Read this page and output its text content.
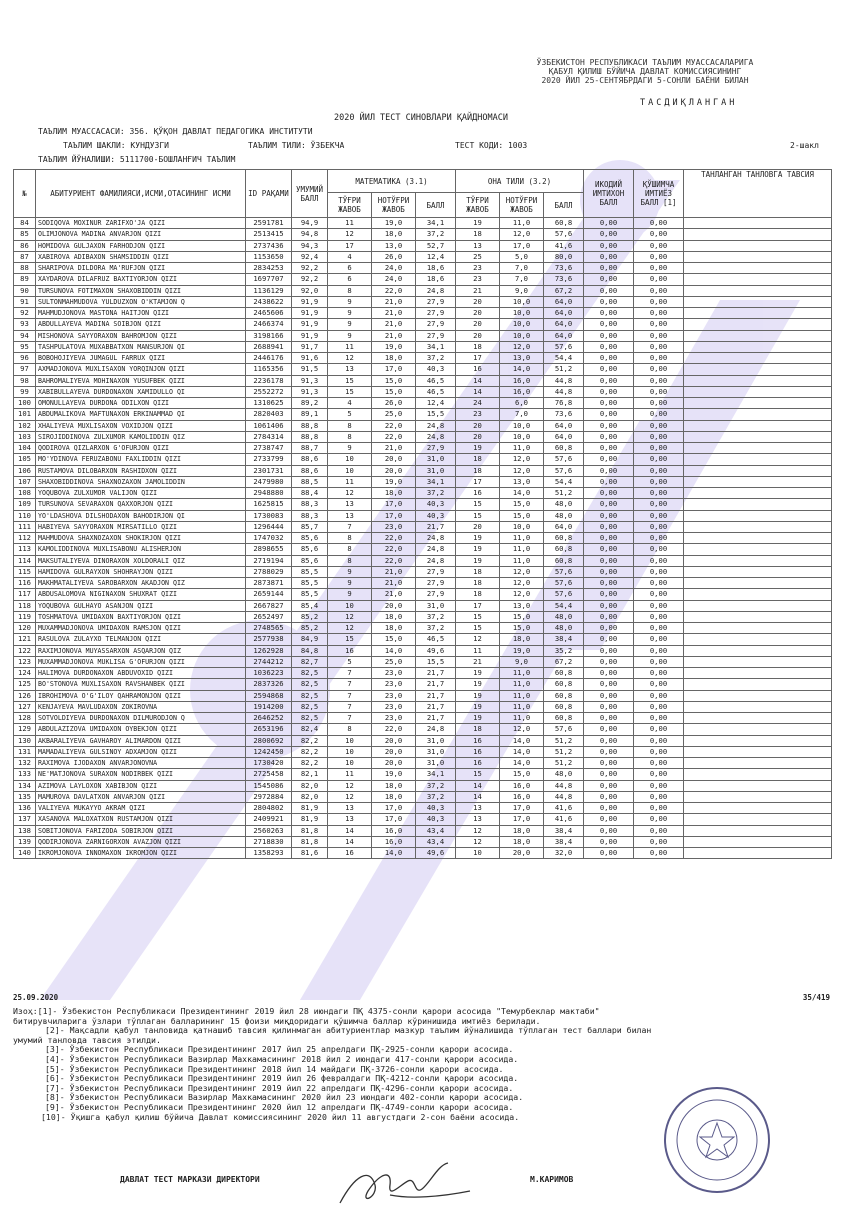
ЎЗБЕКИСТОН РЕСПУБЛИКАСИ ТАЪЛИМ МУАССАСАЛАРИГА
ҚАБУЛ ҚИЛИШ БЎЙИЧА ДАВЛАТ КОМИССИЯСИНИНГ
2020 ЙИЛ 25-СЕНТЯБРДАГИ 5-СОНЛИ БАЁНИ БИЛАН
ТАСДИҚЛАНГАН
2020 ЙИЛ ТЕСТ СИНОВЛАРИ ҚАЙДНОМАСИ
ТАЪЛИМ МУАССАСАСИ: 356. ҚЎҚОН ДАВЛАТ ПЕДАГОГИКА ИНСТИТУТИ
ТАЪЛИМ ШАКЛИ: КУНДУЗГИ	ТАЪЛИМ ТИЛИ: ЎЗБЕКЧА	ТЕСТ КОДИ: 1003	2-шакл
ТАЪЛИМ ЙЎНАЛИШИ: 5111700-БОШЛАНҒИЧ ТАЪЛИМ
№	АБИТУРИЕНТ ФАМИЛИЯСИ,ИСМИ,ОТАСИНИНГ ИСМИ	ID РАҚАМИ	УМУМИЙ БАЛЛ	МАТЕМАТИКА (3.1)			ОНА ТИЛИ (3.2)			ИКОДИЙ ИМТИХОН БАЛЛ	ҚЎШИМЧА ИМТИЁЗ БАЛЛ [1]	ТАНЛАНГАН ТАНЛОВГА ТАВСИЯ
				ТЎҒРИ ЖАВОБ	НОТЎҒРИ ЖАВОБ	БАЛЛ	ТЎҒРИ ЖАВОБ	НОТЎҒРИ ЖАВОБ	БАЛЛ			
84	SODIQOVA MOXINUR ZARIFXO'JA QIZI	2591781	94,9	11	19,0	34,1	19	11,0	60,8	0,00	0,00	
85	OLIMJONOVA MADINA ANVARJON QIZI	2513415	94,8	12	18,0	37,2	18	12,0	57,6	0,00	0,00	
86	HOMIDOVA GULJAXON FARHODJON QIZI	2737436	94,3	17	13,0	52,7	13	17,0	41,6	0,00	0,00	
87	XABIROVA ADIBAXON SHAMSIDDIN QIZI	1153650	92,4	4	26,0	12,4	25	5,0	80,0	0,00	0,00	
88	SHARIPOVA DILDORA MA'RUFJON QIZI	2834253	92,2	6	24,0	18,6	23	7,0	73,6	0,00	0,00	
89	XAYDAROVA DILAFRUZ BAXTIYORJON QIZI	1697707	92,2	6	24,0	18,6	23	7,0	73,6	0,00	0,00	
90	TURSUNOVA FOTIMAXON SHAXOBIDDIN QIZI	1136129	92,0	8	22,0	24,8	21	9,0	67,2	0,00	0,00	
91	SULTONMAHMUDOVA YULDUZXON O'KTAMJON Q	2438622	91,9	9	21,0	27,9	20	10,0	64,0	0,00	0,00	
92	MAHMUDJONOVA MASTONA HAITJON QIZI	2465606	91,9	9	21,0	27,9	20	10,0	64,0	0,00	0,00	
93	ABDULLAYEVA MADINA SOIBJON QIZI	2466374	91,9	9	21,0	27,9	20	10,0	64,0	0,00	0,00	
94	MISHONOVA SAYYORAXON BAHROMJON QIZI	3198166	91,9	9	21,0	27,9	20	10,0	64,0	0,00	0,00	
95	TASHPULATOVA MUXABBATXON MANSURJON QI	2688941	91,7	11	19,0	34,1	18	12,0	57,6	0,00	0,00	
96	BOBOHOJIYEVA JUMAGUL FARRUX QIZI	2446176	91,6	12	18,0	37,2	17	13,0	54,4	0,00	0,00	
97	AXMADJONOVA MUXLISAXON YORQINJON QIZI	1165356	91,5	13	17,0	40,3	16	14,0	51,2	0,00	0,00	
98	BAHROMALIYEVA MOHINAXON YUSUFBEK QIZI	2236178	91,3	15	15,0	46,5	14	16,0	44,8	0,00	0,00	
99	XABIBULLAYEVA DURDONAXON XAMIDULLO QI	2552272	91,3	15	15,0	46,5	14	16,0	44,8	0,00	0,00	
100	OMONULLAYEVA DURDONA ODILXON QIZI	1310625	89,2	4	26,0	12,4	24	6,0	76,8	0,00	0,00	
101	ABDUMALIKOVA MAFTUNAXON ERKINAMMAD QI	2820403	89,1	5	25,0	15,5	23	7,0	73,6	0,00	0,00	
102	XHALIYEVA MUXLISAXON VOXIDJON QIZI	1061406	88,8	8	22,0	24,8	20	10,0	64,0	0,00	0,00	
103	SIROJIDDINOVA ZULXUMOR KAMOLIDDIN QIZ	2784314	88,8	8	22,0	24,8	20	10,0	64,0	0,00	0,00	
104	QODIROVA QIZLARXON G'OFURJON QIZI	2738747	88,7	9	21,0	27,9	19	11,0	60,8	0,00	0,00	
105	MO'YDINOVA FERUZABONU FAXLIDDIN QIZI	2733799	88,6	10	20,0	31,0	18	12,0	57,6	0,00	0,00	
106	RUSTAMOVA DILOBARXON RASHIDXON QIZI	2301731	88,6	10	20,0	31,0	18	12,0	57,6	0,00	0,00	
107	SHAXOBIDDINOVA SHAXNOZAXON JAMOLIDDIN	2479980	88,5	11	19,0	34,1	17	13,0	54,4	0,00	0,00	
108	YOQUBOVA ZULXUMOR VALIJON QIZI	2948880	88,4	12	18,0	37,2	16	14,0	51,2	0,00	0,00	
109	TURSUNOVA SEVARAXON QAXXORJON QIZI	1625815	88,3	13	17,0	40,3	15	15,0	48,0	0,00	0,00	
110	YO'LDASHOVA DILSHODAXON BAHODIRJON QI	1730083	88,3	13	17,0	40,3	15	15,0	48,0	0,00	0,00	
111	HABIYEVA SAYYORAXON MIRSATILLO QIZI	1296444	85,7	7	23,0	21,7	20	10,0	64,0	0,00	0,00	
112	MAHMUDOVA SHAXNOZAXON SHOKIRJON QIZI	1747032	85,6	8	22,0	24,8	19	11,0	60,8	0,00	0,00	
113	KAMOLIDDINOVA MUXLISABONU ALISHERJON	2898655	85,6	8	22,0	24,8	19	11,0	60,8	0,00	0,00	
114	MAKSUTALIYEVA DINORAXON XOLDORALI QIZ	2719194	85,6	8	22,0	24,8	19	11,0	60,8	0,00	0,00	
115	HAMIDOVA GULRAYXON SHOHRAYJON QIZI	2788029	85,5	9	21,0	27,9	18	12,0	57,6	0,00	0,00	
116	MAKHMATALIYEVA SAROBARXON AKADJON QIZ	2873871	85,5	9	21,0	27,9	18	12,0	57,6	0,00	0,00	
117	ABDUSALOMOVA NIGINAXON SHUXRAT QIZI	2659144	85,5	9	21,0	27,9	18	12,0	57,6	0,00	0,00	
118	YOQUBOVA GULHAYO ASANJON QIZI	2667827	85,4	10	20,0	31,0	17	13,0	54,4	0,00	0,00	
119	TOSHMATOVA UMIDAXON BAXTIYORJON QIZI	2652497	85,2	12	18,0	37,2	15	15,0	48,0	0,00	0,00	
120	MUXAMMADJONOVA UMIDAXON RAMSJON QIZI	2748565	85,2	12	18,0	37,2	15	15,0	48,0	0,00	0,00	
121	RASULOVA ZULAYXO TELMANJON QIZI	2577938	84,9	15	15,0	46,5	12	18,0	38,4	0,00	0,00	
122	RAXIMJONOVA MUYASSARXON ASQARJON QIZ	1262928	84,8	16	14,0	49,6	11	19,0	35,2	0,00	0,00	
123	MUXAMMADJONOVA MUKLISA G'OFURJON QIZI	2744212	82,7	5	25,0	15,5	21	9,0	67,2	0,00	0,00	
124	HALIMOVA DURDONAXON ABDUVOXID QIZI	1036223	82,5	7	23,0	21,7	19	11,0	60,8	0,00	0,00	
125	BO'STONOVA MUXLISAXON RAVSHANBEK QIZI	2837326	82,5	7	23,0	21,7	19	11,0	60,8	0,00	0,00	
126	IBROHIMOVA O'G'ILOY QAHRAMONJON QIZI	2594868	82,5	7	23,0	21,7	19	11,0	60,8	0,00	0,00	
127	KENJAYEVA MAVLUDAXON ZOKIROVNA	1914200	82,5	7	23,0	21,7	19	11,0	60,8	0,00	0,00	
128	SOTVOLDIYEVA DURDONAXON DILMURODJON Q	2646252	82,5	7	23,0	21,7	19	11,0	60,8	0,00	0,00	
129	ABDULAZIZOVA UMIDAXON OYBEKJON QIZI	2653196	82,4	8	22,0	24,8	18	12,0	57,6	0,00	0,00	
130	AKBARALIYEVA GAVHAROY ALIMARDON QIZI	2800692	82,2	10	20,0	31,0	16	14,0	51,2	0,00	0,00	
131	MAMADALIYEVA GULSINOY ADXAMJON QIZI	1242450	82,2	10	20,0	31,0	16	14,0	51,2	0,00	0,00	
132	RAXIMOVA IJODAXON ANVARJONOVNA	1730420	82,2	10	20,0	31,0	16	14,0	51,2	0,00	0,00	
133	NE'MATJONOVA SURAXON NODIRBEK QIZI	2725458	82,1	11	19,0	34,1	15	15,0	48,0	0,00	0,00	
134	AZIMOVA LAYLOXON XABIBJON QIZI	1545086	82,0	12	18,0	37,2	14	16,0	44,8	0,00	0,00	
135	MAMUROVA DAVLATXON ANVARJON QIZI	2972884	82,0	12	18,0	37,2	14	16,0	44,8	0,00	0,00	
136	VALIYEVA MUKAYYO AKRAM QIZI	2804802	81,9	13	17,0	40,3	13	17,0	41,6	0,00	0,00	
137	XASANOVA MALOXATXON RUSTAMJON QIZI	2409921	81,9	13	17,0	40,3	13	17,0	41,6	0,00	0,00	
138	SOBITJONOVA FARIZODA SOBIRJON QIZI	2560263	81,8	14	16,0	43,4	12	18,0	38,4	0,00	0,00	
139	QODIRJONOVA ZARNIGORXON AVAZJON QIZI	2718830	81,8	14	16,0	43,4	12	18,0	38,4	0,00	0,00	
140	IKROMJONOVA INNOMAXON IKROMJON QIZI	1358293	81,6	16	14,0	49,6	10	20,0	32,0	0,00	0,00	
25.09.2020	35/419
Изоҳ:[1]- Ўзбекистон Республикаси Президентининг 2019 йил 28 июндаги ПҚ 4375-сонли қарори асосида "Темурбеклар мактаби"
битирувчиларига ўзлари тўплаган балларининг 15 фоизи миқдоридаги қўшимча баллар кўринишида имтиёз берилади.
[2]- Мақсадли қабул танловида қатнашиб тавсия қилинмаган абитуриентлар мазкур таълим йўналишида тўплаган тест баллари билан
умумий танловда тавсия этилди.
[3]- Ўзбекистон Республикаси Президентининг 2017 йил 25 апрелдаги ПҚ-2925-сонли қарори асосида.
[4]- Ўзбекистон Республикаси Вазирлар Махкамасининг 2018 йил 2 июндаги 417-сонли қарори асосида.
[5]- Ўзбекистон Республикаси Президентининг 2018 йил 14 майдаги ПҚ-3726-сонли қарори асосида.
[6]- Ўзбекистон Республикаси Президентининг 2019 йил 26 февралдаги ПҚ-4212-сонли қарори асосида.
[7]- Ўзбекистон Республикаси Президентининг 2019 йил 22 апрелдаги ПҚ-4296-сонли қарори асосида.
[8]- Ўзбекистон Республикаси Вазирлар Махкамасининг 2020 йил 23 июндаги 402-сонли қарори асосида.
[9]- Ўзбекистон Республикаси Президентининг 2020 йил 12 апрелдаги ПҚ-4749-сонли қарори асосида.
[10]- Ўқишга қабул қилиш бўйича Давлат комиссиясининг 2020 йил 11 августдаги 2-сон баёни асосида.
ДАВЛАТ ТЕСТ МАРКАЗИ ДИРЕКТОРИ	М.КАРИМОВ
